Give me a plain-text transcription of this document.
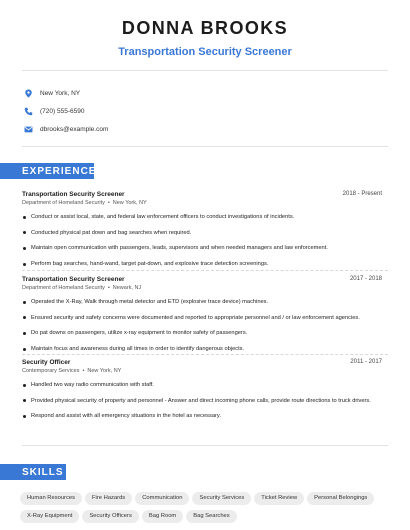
DONNA BROOKS
Transportation Security Screener
New York, NY
(720) 555-6590
dbrooks@example.com
EXPERIENCE
Transportation Security Screener	2018 - Present
Department of Homeland Security • New York, NY
Conduct or assist local, state, and federal law enforcement officers to conduct investigations of incidents.
Conducted physical pat down and bag searches when required.
Maintain open communication with passengers, leads, supervisors and when needed managers and law enforcement.
Perform bag searches, hand-wand, target pat-down, and explosive trace detection screenings.
Transportation Security Screener	2017 - 2018
Department of Homeland Security • Newark, NJ
Operated the X-Ray, Walk through metal detector and ETD (explosive trace device) machines.
Ensured security and safety concerns were documented and reported to appropriate personnel and / or law enforcement agencies.
Do pat downs on passengers, utilize x-ray equipment to monitor safety of passengers.
Maintain focus and awareness during all times in order to identify dangerous objects.
Security Officer	2011 - 2017
Contemporary Services • New York, NY
Handled two way radio communication with staff.
Provided physical security of property and personnel - Answer and direct incoming phone calls, provide route directions to truck drivers.
Respond and assist with all emergency situations in the hotel as necessary.
SKILLS
Human Resources	Fire Hazards	Communication	Security Services	Ticket Review	Personal BelongingsX-Ray Equipment	Security Officers	Bag Room	Bag Searches
